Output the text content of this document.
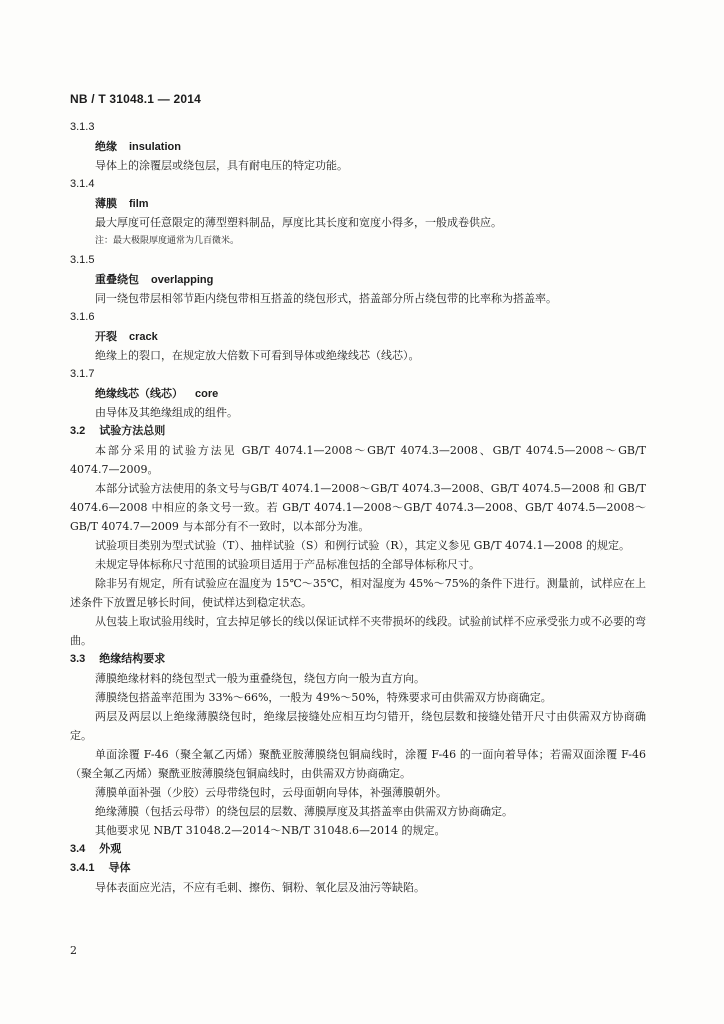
NB / T 31048.1 — 2014
3.1.3
绝缘 insulation
导体上的涂覆层或绕包层，具有耐电压的特定功能。
3.1.4
薄膜 film
最大厚度可任意限定的薄型塑料制品，厚度比其长度和宽度小得多，一般成卷供应。
注：最大极限厚度通常为几百微米。
3.1.5
重叠绕包 overlapping
同一绕包带层相邻节距内绕包带相互搭盖的绕包形式，搭盖部分所占绕包带的比率称为搭盖率。
3.1.6
开裂 crack
绝缘上的裂口，在规定放大倍数下可看到导体或绝缘线芯（线芯）。
3.1.7
绝缘线芯（线芯） core
由导体及其绝缘组成的组件。
3.2 试验方法总则
本部分采用的试验方法见 GB/T 4074.1—2008～GB/T 4074.3—2008、GB/T 4074.5—2008～GB/T 4074.7—2009。
本部分试验方法使用的条文号与GB/T 4074.1—2008～GB/T 4074.3—2008、GB/T 4074.5—2008 和 GB/T 4074.6—2008 中相应的条文号一致。若 GB/T 4074.1—2008～GB/T 4074.3—2008、GB/T 4074.5—2008～GB/T 4074.7—2009 与本部分有不一致时，以本部分为准。
试验项目类别为型式试验（T）、抽样试验（S）和例行试验（R），其定义参见 GB/T 4074.1—2008 的规定。
未规定导体标称尺寸范围的试验项目适用于产品标准包括的全部导体标称尺寸。
除非另有规定，所有试验应在温度为 15℃～35℃，相对湿度为 45%～75%的条件下进行。测量前，试样应在上述条件下放置足够长时间，使试样达到稳定状态。
从包装上取试验用线时，宜去掉足够长的线以保证试样不夹带损坏的线段。试验前试样不应承受张力或不必要的弯曲。
3.3 绝缘结构要求
薄膜绝缘材料的绕包型式一般为重叠绕包，绕包方向一般为直方向。
薄膜绕包搭盖率范围为 33%～66%，一般为 49%～50%，特殊要求可由供需双方协商确定。
两层及两层以上绝缘薄膜绕包时，绝缘层接缝处应相互均匀错开，绕包层数和接缝处错开尺寸由供需双方协商确定。
单面涂覆 F-46（聚全氟乙丙烯）聚酰亚胺薄膜绕包铜扁线时，涂覆 F-46 的一面向着导体；若需双面涂覆 F-46（聚全氟乙丙烯）聚酰亚胺薄膜绕包铜扁线时，由供需双方协商确定。
薄膜单面补强（少胶）云母带绕包时，云母面朝向导体，补强薄膜朝外。
绝缘薄膜（包括云母带）的绕包层的层数、薄膜厚度及其搭盖率由供需双方协商确定。
其他要求见 NB/T 31048.2—2014～NB/T 31048.6—2014 的规定。
3.4 外观
3.4.1 导体
导体表面应光洁，不应有毛刺、擦伤、铜粉、氧化层及油污等缺陷。
2
